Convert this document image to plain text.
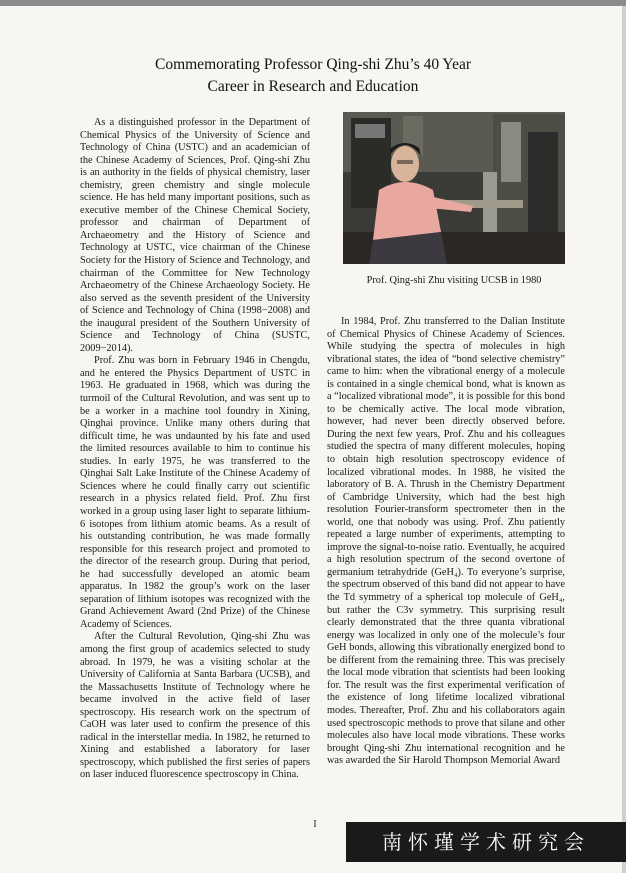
Commemorating Professor Qing-shi Zhu’s 40 Year
Career in Research and Education

As a distinguished professor in the Department of Chemical Physics of the University of Science and Technology of China (USTC) and an academician of the Chinese Academy of Sciences, Prof. Qing-shi Zhu is an authority in the fields of physical chemistry, laser chemistry, green chemistry and single molecule science. He has held many important positions, such as executive member of the Chinese Chemical Society, professor and chairman of Department of Archaeometry and the History of Science and Technology at USTC, vice chairman of the Chinese Society for the History of Science and Technology, and chairman of the Committee for New Technology Archaeometry of the Chinese Archaeology Society. He also served as the seventh president of the University of Science and Technology of China (1998−2008) and the inaugural president of the Southern University of Science and Technology of China (SUSTC, 2009−2014).

Prof. Zhu was born in February 1946 in Chengdu, and he entered the Physics Department of USTC in 1963. He graduated in 1968, which was during the turmoil of the Cultural Revolution, and was sent up to be a worker in a machine tool foundry in Xining, Qinghai province. Unlike many others during that difficult time, he was undaunted by his fate and used the limited resources available to him to continue his studies. In early 1975, he was transferred to the Qinghai Salt Lake Institute of the Chinese Academy of Sciences where he could finally carry out scientific research in a physics related field. Prof. Zhu first worked in a group using laser light to separate lithium-6 isotopes from lithium atomic beams. As a result of his outstanding contribution, he was made formally responsible for this research project and promoted to the director of the research group. During that period, he had successfully developed an atomic beam apparatus. In 1982 the group’s work on the laser separation of lithium isotopes was recognized with the Grand Achievement Award (2nd Prize) of the Chinese Academy of Sciences.

After the Cultural Revolution, Qing-shi Zhu was among the first group of academics selected to study abroad. In 1979, he was a visiting scholar at the University of California at Santa Barbara (UCSB), and the Massachusetts Institute of Technology where he became involved in the active field of laser spectroscopy. His research work on the spectrum of CaOH was later used to confirm the presence of this radical in the interstellar media. In 1982, he returned to Xining and established a laboratory for laser spectroscopy, which published the first series of papers on laser induced fluorescence spectroscopy in China.

Prof. Qing-shi Zhu visiting UCSB in 1980

In 1984, Prof. Zhu transferred to the Dalian Institute of Chemical Physics of Chinese Academy of Sciences. While studying the spectra of molecules in high vibrational states, the idea of “bond selective chemistry” came to him: when the vibrational energy of a molecule is contained in a single chemical bond, what is known as a “localized vibrational mode”, it is possible for this bond to be chemically active. The local mode vibration, however, had never been directly observed before. During the next few years, Prof. Zhu and his colleagues studied the spectra of many different molecules, hoping to obtain high resolution spectroscopy evidence of localized vibrational modes. In 1988, he visited the laboratory of B. A. Thrush in the Chemistry Department of Cambridge University, which had the best high resolution Fourier-transform spectrometer then in the world, one that nobody was using. Prof. Zhu patiently repeated a large number of experiments, attempting to improve the signal-to-noise ratio. Eventually, he acquired a high resolution spectrum of the second overtone of germanium tetrahydride (GeH₄). To everyone’s surprise, the spectrum observed of this band did not appear to have the Td symmetry of a spherical top molecule of GeH₄, but rather the C3v symmetry. This surprising result clearly demonstrated that the three quanta vibrational energy was localized in only one of the molecule’s four GeH bonds, allowing this vibrationally energized bond to be different from the remaining three. This was precisely the local mode vibration that scientists had been looking for. The result was the first experimental verification of the existence of long lifetime localized vibrational modes. Thereafter, Prof. Zhu and his collaborators again used spectroscopic methods to prove that silane and other molecules also have local mode vibrations. These works brought Qing-shi Zhu international recognition and he was awarded the Sir Harold Thompson Memorial Award

I
南怀瑾学术研究会
